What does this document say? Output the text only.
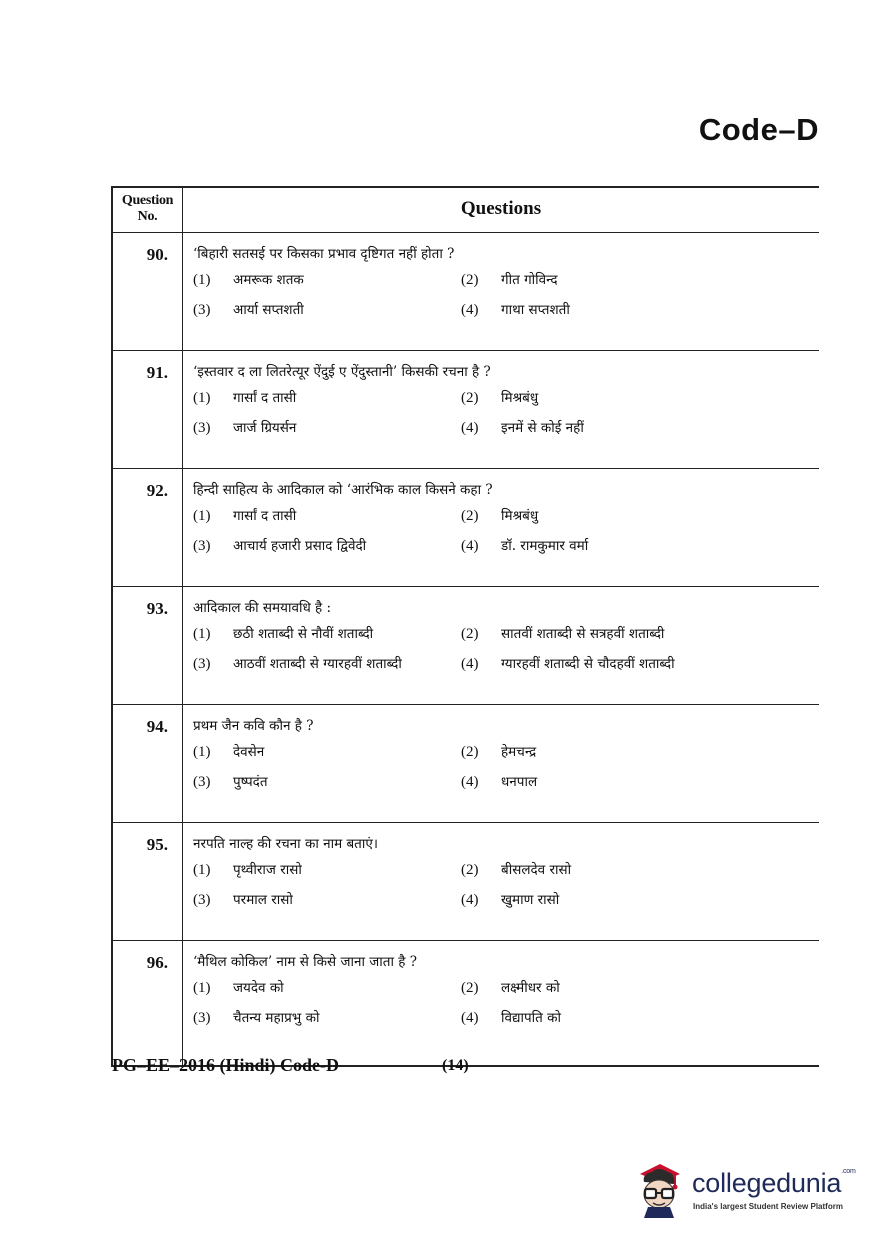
Code–D
Question No.	Questions
90.	‘बिहारी सतसई पर किसका प्रभाव दृष्टिगत नहीं होता ?
(1)	अमरूक शतक	(2)	गीत गोविन्द
(3)	आर्या सप्तशती	(4)	गाथा सप्तशती
91.	‘इस्तवार द ला लितरेत्यूर ऐंदुई ए ऐंदुस्तानी’ किसकी रचना है ?
(1)	गार्सां द तासी	(2)	मिश्रबंधु
(3)	जार्ज ग्रियर्सन	(4)	इनमें से कोई नहीं
92.	हिन्दी साहित्य के आदिकाल को ‘आरंभिक काल किसने कहा ?
(1)	गार्सां द तासी	(2)	मिश्रबंधु
(3)	आचार्य हजारी प्रसाद द्विवेदी	(4)	डॉ. रामकुमार वर्मा
93.	आदिकाल की समयावधि है :
(1)	छठी शताब्दी से नौवीं शताब्दी	(2)	सातवीं शताब्दी से सत्रहवीं शताब्दी
(3)	आठवीं शताब्दी से ग्यारहवीं शताब्दी	(4)	ग्यारहवीं शताब्दी से चौदहवीं शताब्दी
94.	प्रथम जैन कवि कौन है ?
(1)	देवसेन	(2)	हेमचन्द्र
(3)	पुष्पदंत	(4)	धनपाल
95.	नरपति नाल्ह की रचना का नाम बताएं।
(1)	पृथ्वीराज रासो	(2)	बीसलदेव रासो
(3)	परमाल रासो	(4)	खुमाण रासो
96.	‘मैथिल कोकिल’ नाम से किसे जाना जाता है ?
(1)	जयदेव को	(2)	लक्ष्मीधर को
(3)	चैतन्य महाप्रभु को	(4)	विद्यापति को
PG–EE–2016 (Hindi) Code-D	(14)
collegedunia$^{.com}$
India's largest Student Review Platform
